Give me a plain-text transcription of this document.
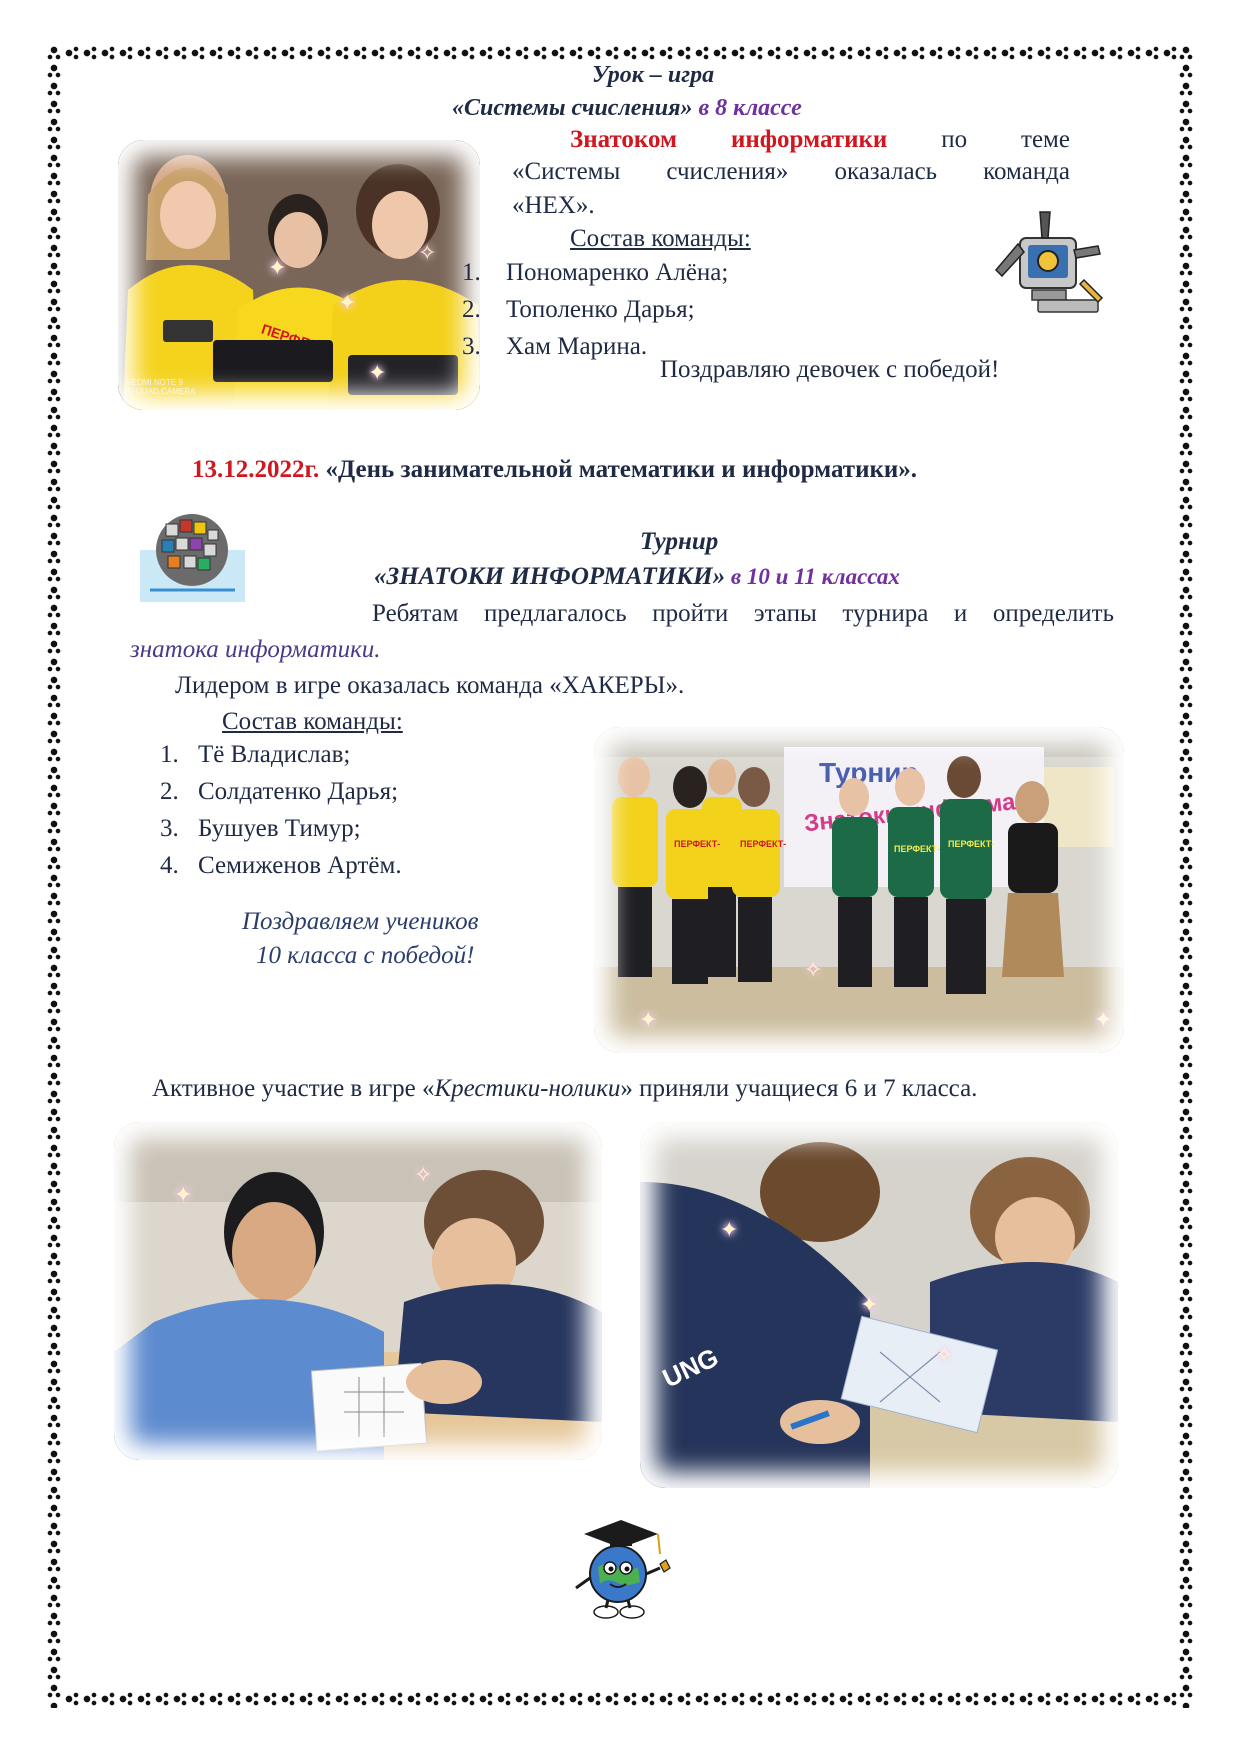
Урок – игра
«Системы счисления» в 8 классе
ПЕРФЕКТ-
✦
✦
✧
✦
REDMI NOTE 9
AI QUAD CAMERA
Знатоком информатики по теме
«Системы счисления» оказалась команда
«HEX».
Состав команды:
1.	Пономаренко Алёна;
2.	Тополенко Дарья;
3.	Хам Марина.
Поздравляю девочек с победой!
13.12.2022г. «День занимательной математики и информатики».
Турнир
«ЗНАТОКИ ИНФОРМАТИКИ» в 10 и 11 классах
Ребятам предлагалось пройти этапы турнира и определить
знатока информатики.
Лидером в игре оказалась команда «ХАКЕРЫ».
Состав команды:
1. Тё Владислав;
2. Солдатенко Дарья;
3. Бушуев Тимур;
4. Семиженов Артём.
Поздравляем учеников
10 класса с победой!
Турнир
Знатоки информатики
ПЕРФЕКТ- ПЕРФЕКТ-	ПЕРФЕКТ- ПЕРФЕКТ-
✦	✦
✧
Активное участие в игре «Крестики-нолики» приняли учащиеся 6 и 7 класса.
✦
✧
UNG
✦
✦
✧
